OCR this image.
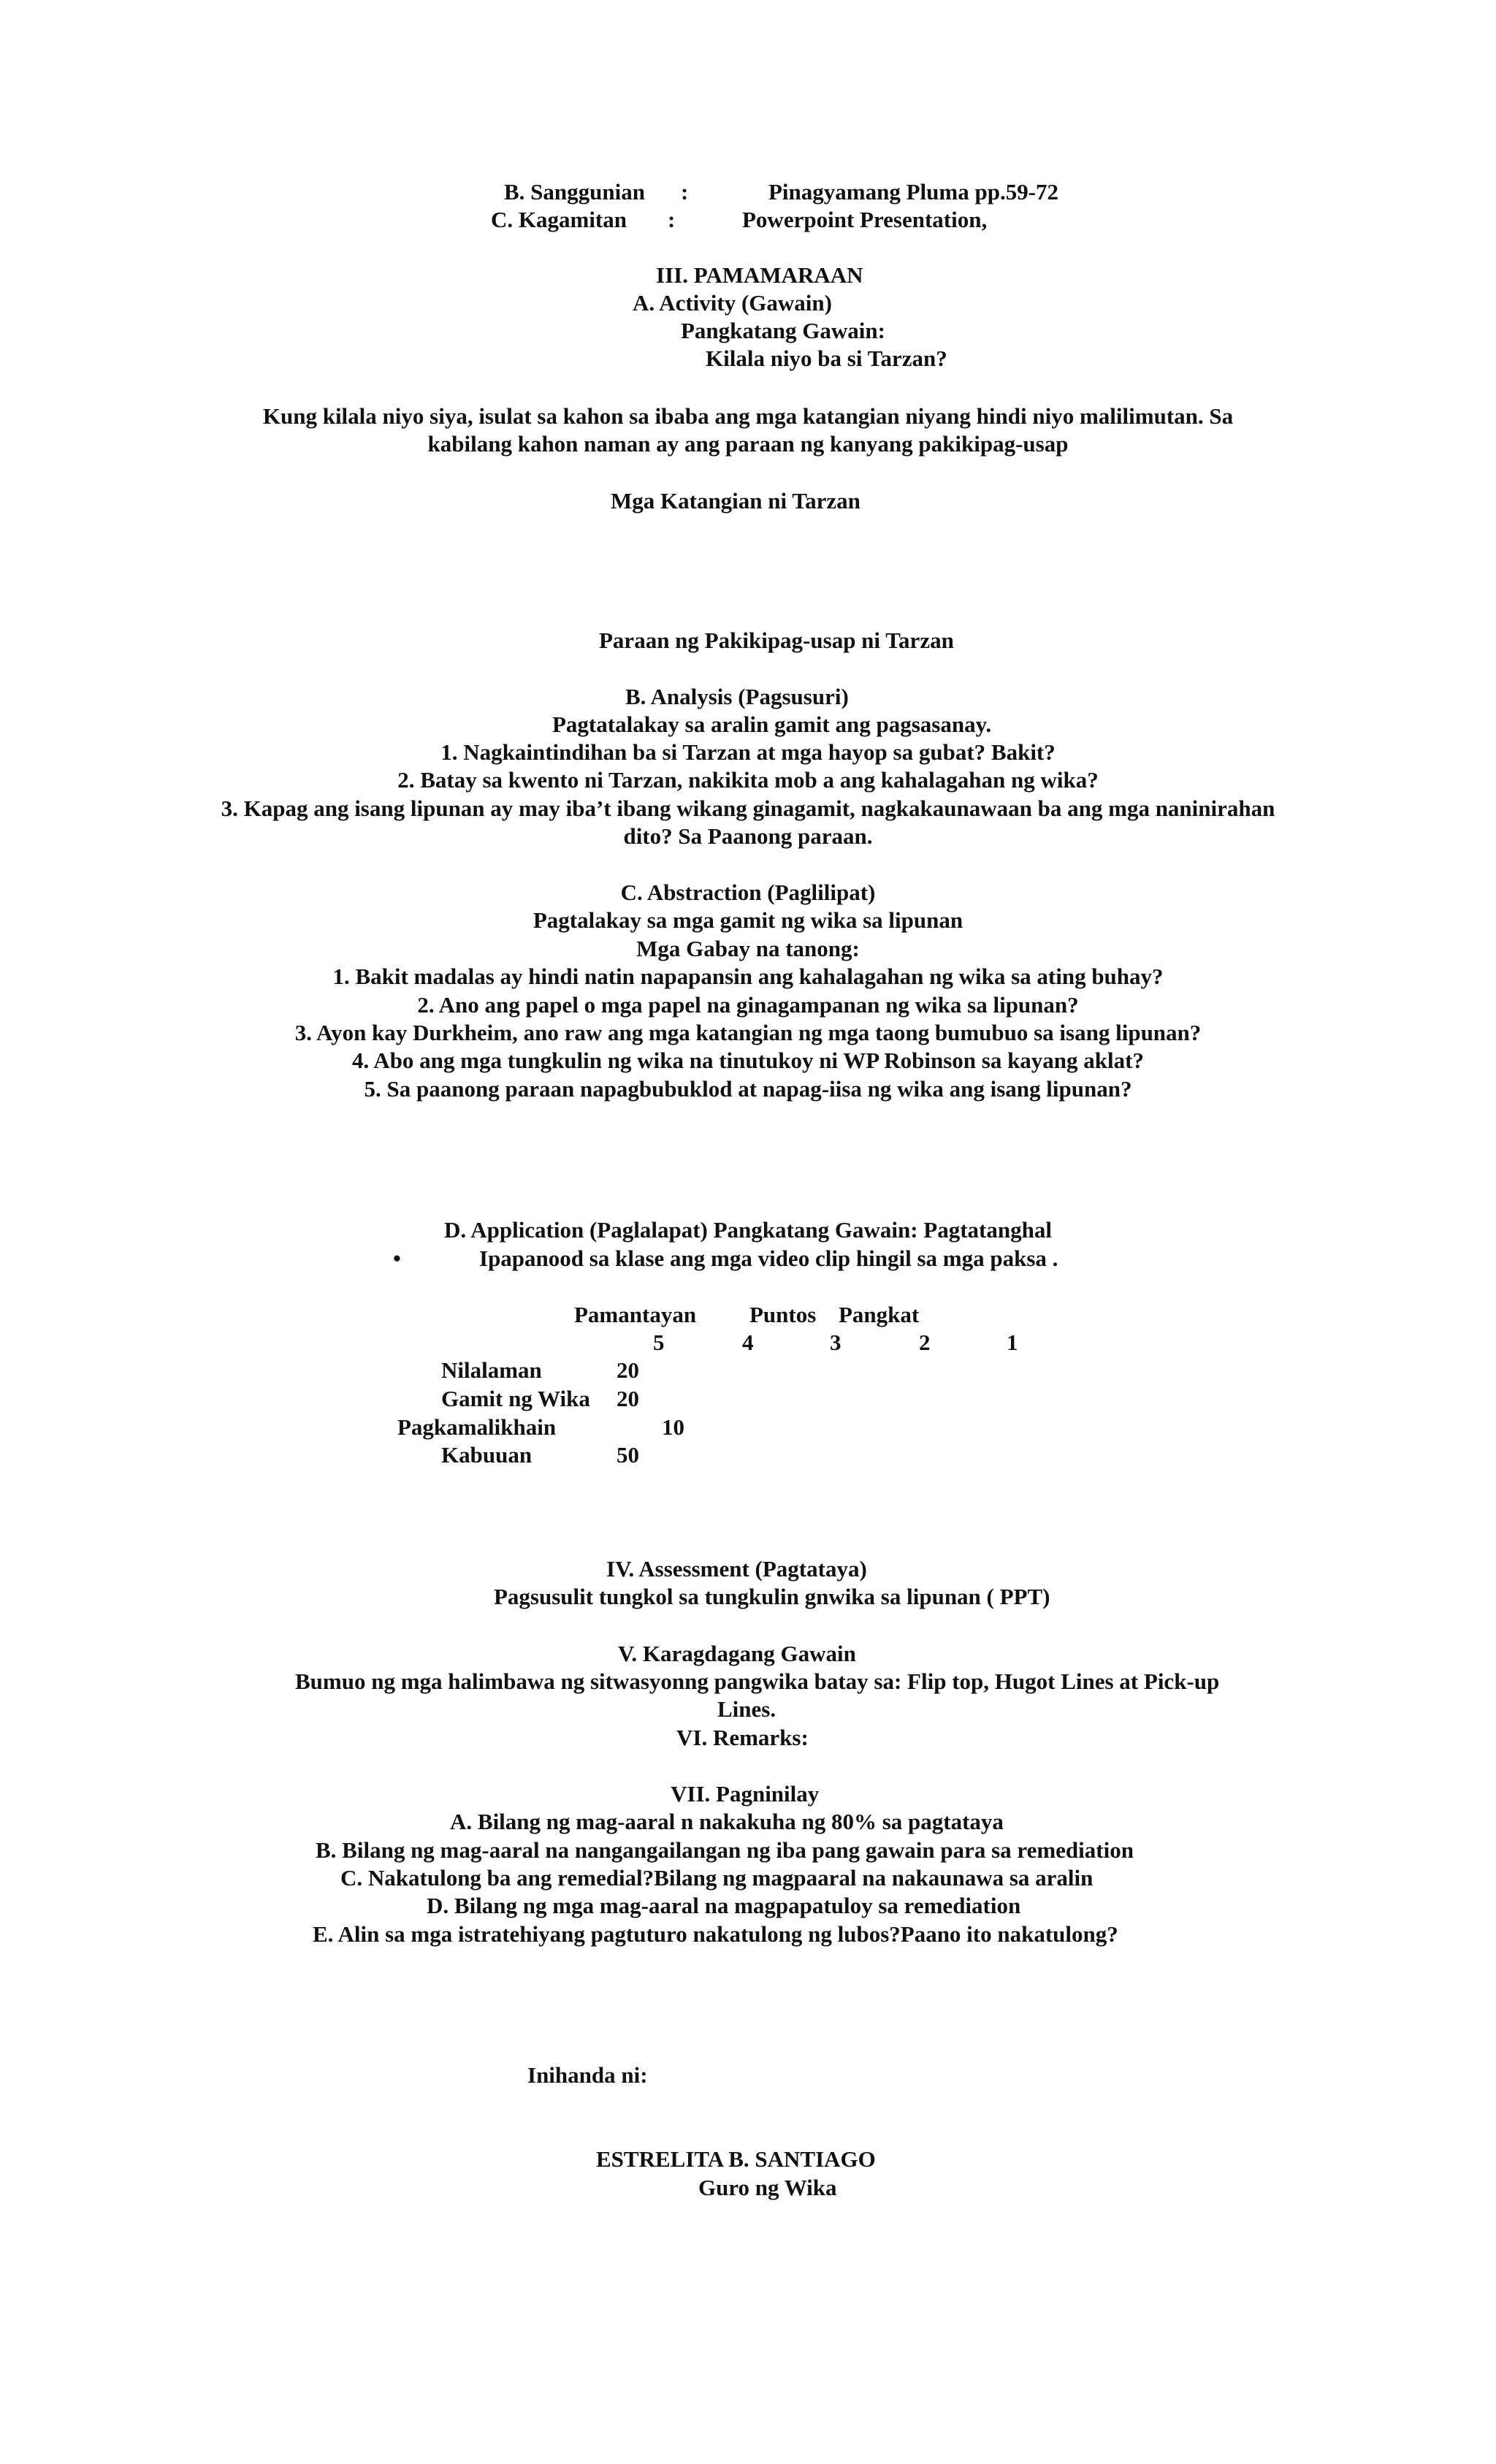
B. Sanggunian :	Pinagyamang Pluma pp.59-72
C. Kagamitan :	Powerpoint Presentation,
III. PAMAMARAAN
A. Activity (Gawain)
Pangkatang Gawain:
Kilala niyo ba si Tarzan?
Kung kilala niyo siya, isulat sa kahon sa ibaba ang mga katangian niyang hindi niyo malilimutan. Sa
kabilang kahon naman ay ang paraan ng kanyang pakikipag-usap
Mga Katangian ni Tarzan
Paraan ng Pakikipag-usap ni Tarzan
B. Analysis (Pagsusuri)
Pagtatalakay sa aralin gamit ang pagsasanay.
1. Nagkaintindihan ba si Tarzan at mga hayop sa gubat? Bakit?
2. Batay sa kwento ni Tarzan, nakikita mob a ang kahalagahan ng wika?
3. Kapag ang isang lipunan ay may iba’t ibang wikang ginagamit, nagkakaunawaan ba ang mga naninirahan
dito? Sa Paanong paraan.
C. Abstraction (Paglilipat)
Pagtalakay sa mga gamit ng wika sa lipunan
Mga Gabay na tanong:
1. Bakit madalas ay hindi natin napapansin ang kahalagahan ng wika sa ating buhay?
2. Ano ang papel o mga papel na ginagampanan ng wika sa lipunan?
3. Ayon kay Durkheim, ano raw ang mga katangian ng mga taong bumubuo sa isang lipunan?
4. Abo ang mga tungkulin ng wika na tinutukoy ni WP Robinson sa kayang aklat?
5. Sa paanong paraan napagbubuklod at napag-iisa ng wika ang isang lipunan?
D. Application (Paglalapat) Pangkatang Gawain: Pagtatanghal
•	Ipapanood sa klase ang mga video clip hingil sa mga paksa .
Pamantayan Puntos Pangkat
5	4	3	2	1
Nilalaman	20
Gamit ng Wika 20
Pagkamalikhain	10
Kabuuan	50
IV. Assessment (Pagtataya)
Pagsusulit tungkol sa tungkulin gnwika sa lipunan ( PPT)
V. Karagdagang Gawain
Bumuo ng mga halimbawa ng sitwasyonng pangwika batay sa: Flip top, Hugot Lines at Pick-up
Lines.
VI. Remarks:
VII. Pagninilay
A. Bilang ng mag-aaral n nakakuha ng 80% sa pagtataya
B. Bilang ng mag-aaral na nangangailangan ng iba pang gawain para sa remediation
C. Nakatulong ba ang remedial?Bilang ng magpaaral na nakaunawa sa aralin
D. Bilang ng mga mag-aaral na magpapatuloy sa remediation
E. Alin sa mga istratehiyang pagtuturo nakatulong ng lubos?Paano ito nakatulong?
Inihanda ni:
ESTRELITA B. SANTIAGO
Guro ng Wika
